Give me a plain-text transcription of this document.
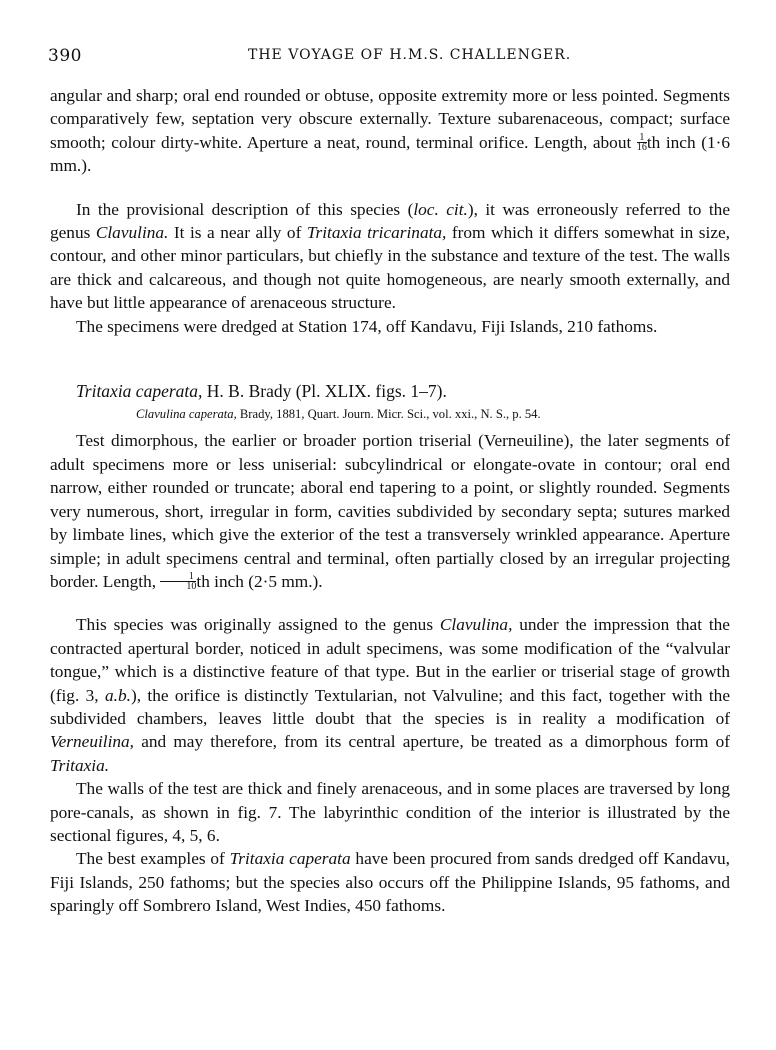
390	THE VOYAGE OF H.M.S. CHALLENGER.

angular and sharp; oral end rounded or obtuse, opposite extremity more or less pointed. Segments comparatively few, septation very obscure externally. Texture subarenaceous, compact; surface smooth; colour dirty-white. Aperture a neat, round, terminal orifice. Length, about $\frac{1}{16}$ th inch (1·6 mm.).

In the provisional description of this species (loc. cit.), it was erroneously referred to the genus Clavulina. It is a near ally of Tritaxia tricarinata, from which it differs somewhat in size, contour, and other minor particulars, but chiefly in the substance and texture of the test. The walls are thick and calcareous, and though not quite homogeneous, are nearly smooth externally, and have but little appearance of arenaceous structure.

The specimens were dredged at Station 174, off Kandavu, Fiji Islands, 210 fathoms.

Tritaxia caperata, H. B. Brady (Pl. XLIX. figs. 1–7).

Clavulina caperata, Brady, 1881, Quart. Journ. Micr. Sci., vol. xxi., N. S., p. 54.

Test dimorphous, the earlier or broader portion triserial (Verneuiline), the later segments of adult specimens more or less uniserial: subcylindrical or elongate-ovate in contour; oral end narrow, either rounded or truncate; aboral end tapering to a point, or slightly rounded. Segments very numerous, short, irregular in form, cavities subdivided by secondary septa; sutures marked by limbate lines, which give the exterior of the test a transversely wrinkled appearance. Aperture simple; in adult specimens central and terminal, often partially closed by an irregular projecting border. Length, $\frac{1}{10}$ th inch (2·5 mm.).

This species was originally assigned to the genus Clavulina, under the impression that the contracted apertural border, noticed in adult specimens, was some modification of the “valvular tongue,” which is a distinctive feature of that type. But in the earlier or triserial stage of growth (fig. 3, a.b.), the orifice is distinctly Textularian, not Valvuline; and this fact, together with the subdivided chambers, leaves little doubt that the species is in reality a modification of Verneuilina, and may therefore, from its central aperture, be treated as a dimorphous form of Tritaxia.

The walls of the test are thick and finely arenaceous, and in some places are traversed by long pore-canals, as shown in fig. 7. The labyrinthic condition of the interior is illustrated by the sectional figures, 4, 5, 6.

The best examples of Tritaxia caperata have been procured from sands dredged off Kandavu, Fiji Islands, 250 fathoms; but the species also occurs off the Philippine Islands, 95 fathoms, and sparingly off Sombrero Island, West Indies, 450 fathoms.
